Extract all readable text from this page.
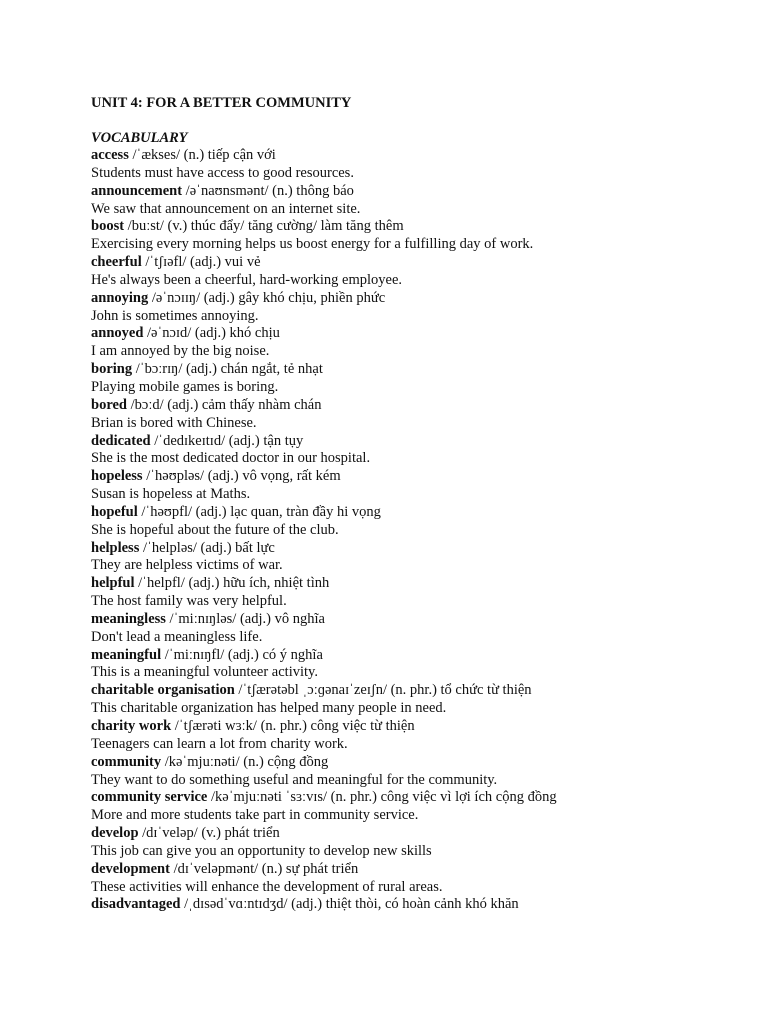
UNIT 4: FOR A BETTER COMMUNITY
VOCABULARY
access /ˈækses/ (n.) tiếp cận với
Students must have access to good resources.
announcement /əˈnaʊnsmənt/ (n.) thông báo
We saw that announcement on an internet site.
boost /buːst/ (v.) thúc đẩy/ tăng cường/ làm tăng thêm
Exercising every morning helps us boost energy for a fulfilling day of work.
cheerful /ˈtʃɪəfl/ (adj.) vui vẻ
He's always been a cheerful, hard-working employee.
annoying /əˈnɔɪɪŋ/ (adj.) gây khó chịu, phiền phức
John is sometimes annoying.
annoyed /əˈnɔɪd/ (adj.) khó chịu
I am annoyed by the big noise.
boring /ˈbɔːrɪŋ/ (adj.) chán ngắt, tẻ nhạt
Playing mobile games is boring.
bored /bɔːd/ (adj.) cảm thấy nhàm chán
Brian is bored with Chinese.
dedicated /ˈdedɪkeɪtɪd/ (adj.) tận tụy
She is the most dedicated doctor in our hospital.
hopeless /ˈhəʊpləs/ (adj.) vô vọng, rất kém
Susan is hopeless at Maths.
hopeful /ˈhəʊpfl/ (adj.) lạc quan, tràn đầy hi vọng
She is hopeful about the future of the club.
helpless /ˈhelpləs/ (adj.) bất lực
They are helpless victims of war.
helpful /ˈhelpfl/ (adj.) hữu ích, nhiệt tình
The host family was very helpful.
meaningless /ˈmiːnɪŋləs/ (adj.) vô nghĩa
Don't lead a meaningless life.
meaningful /ˈmiːnɪŋfl/ (adj.) có ý nghĩa
This is a meaningful volunteer activity.
charitable organisation /ˈtʃærətəbl ˌɔːɡənaɪˈzeɪʃn/ (n. phr.) tổ chức từ thiện
This charitable organization has helped many people in need.
charity work /ˈtʃærəti wɜːk/ (n. phr.) công việc từ thiện
Teenagers can learn a lot from charity work.
community /kəˈmjuːnəti/ (n.) cộng đồng
They want to do something useful and meaningful for the community.
community service /kəˈmjuːnəti ˈsɜːvɪs/ (n. phr.) công việc vì lợi ích cộng đồng
More and more students take part in community service.
develop /dɪˈveləp/ (v.) phát triển
This job can give you an opportunity to develop new skills
development /dɪˈveləpmənt/ (n.) sự phát triển
These activities will enhance the development of rural areas.
disadvantaged /ˌdɪsədˈvɑːntɪdʒd/ (adj.) thiệt thòi, có hoàn cảnh khó khăn
